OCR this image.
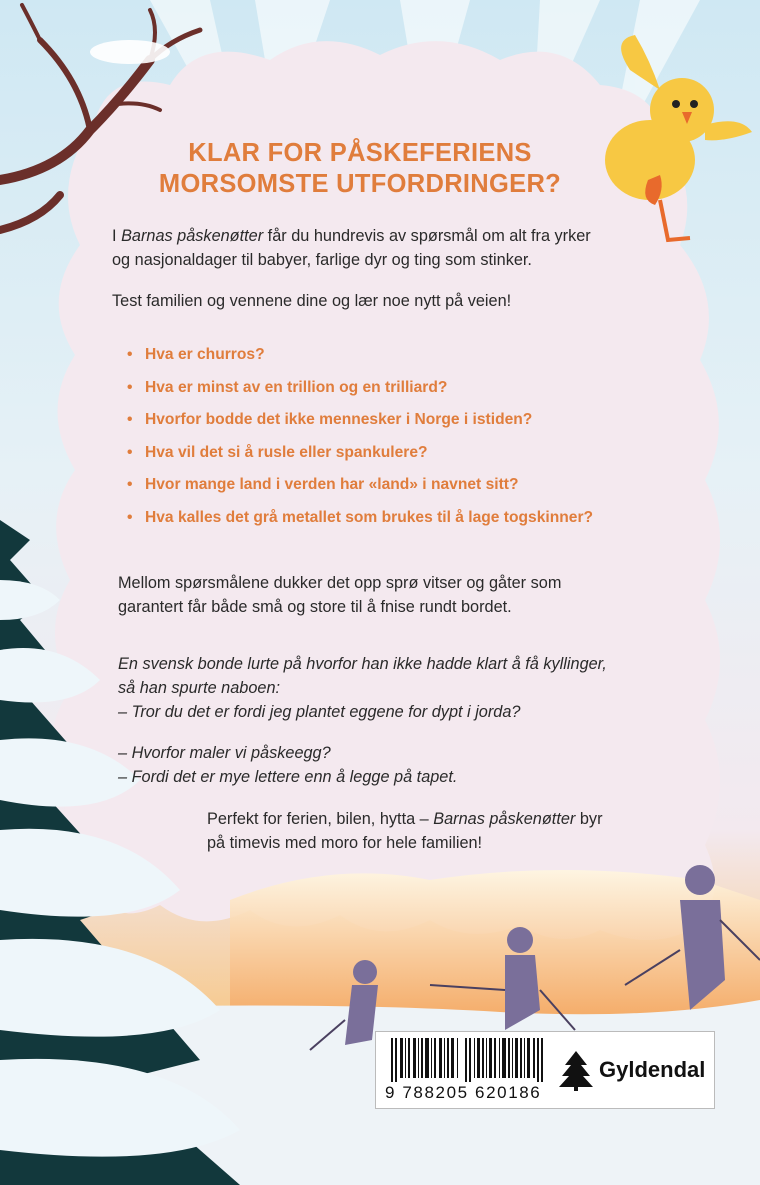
KLAR FOR PÅSKEFERIENS
MORSOMSTE UTFORDRINGER?
I Barnas påskenøtter får du hundrevis av spørsmål om alt fra yrker
og nasjonaldager til babyer, farlige dyr og ting som stinker.
Test familien og vennene dine og lær noe nytt på veien!
• Hva er churros?
• Hva er minst av en trillion og en trilliard?
• Hvorfor bodde det ikke mennesker i Norge i istiden?
• Hva vil det si å rusle eller spankulere?
• Hvor mange land i verden har «land» i navnet sitt?
• Hva kalles det grå metallet som brukes til å lage togskinner?
Mellom spørsmålene dukker det opp sprø vitser og gåter som
garantert får både små og store til å fnise rundt bordet.
En svensk bonde lurte på hvorfor han ikke hadde klart å få kyllinger,
så han spurte naboen:
– Tror du det er fordi jeg plantet eggene for dypt i jorda?
– Hvorfor maler vi påskeegg?
– Fordi det er mye lettere enn å legge på tapet.
Perfekt for ferien, bilen, hytta – Barnas påskenøtter byr
på timevis med moro for hele familien!
9 788205 620186
Gyldendal
